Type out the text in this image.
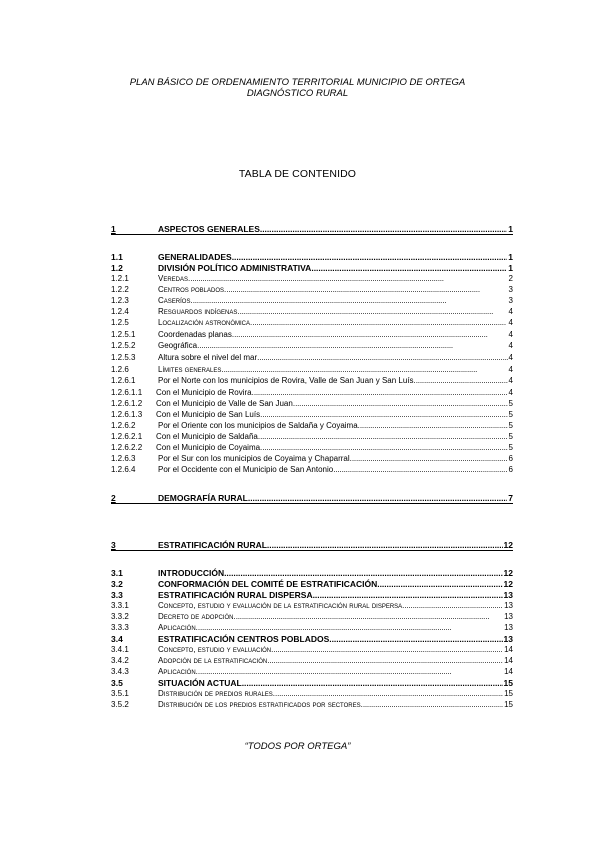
PLAN BÁSICO DE ORDENAMIENTO TERRITORIAL MUNICIPIO DE ORTEGA
DIAGNÓSTICO RURAL
TABLA DE CONTENIDO
1	ASPECTOS GENERALES . . .	1
1.1	GENERALIDADES . . .	1
1.2	DIVISIÓN POLÍTICO ADMINISTRATIVA. . . .	1
1.2.1	Veredas. . . .	2
1.2.2	Centros poblados. . . .	3
1.2.3	Caseríos. . . .	3
1.2.4	Resguardos indígenas. . . .	4
1.2.5	Localización astronómica. . . .	4
1.2.5.1	Coordenadas planas. . . .	4
1.2.5.2	Geográfica. . . .	4
1.2.5.3	Altura sobre el nivel del mar . . .	4
1.2.6	Límites generales. . . .	4
1.2.6.1	Por el Norte con los municipios de Rovira, Valle de San Juan y San Luís. . . .	4
1.2.6.1.1	Con el Municipio de Rovira. . . .	4
1.2.6.1.2	Con el Municipio de Valle de San Juan. . . .	5
1.2.6.1.3	Con el Municipio de San Luís. . . .	5
1.2.6.2	Por el Oriente con los municipios de Saldaña y Coyaima. . . .	5
1.2.6.2.1	Con el Municipio de Saldaña. . . .	5
1.2.6.2.2	Con el Municipio de Coyaima. . . .	5
1.2.6.3	Por el Sur con los municipios de Coyaima y Chaparral. . . .	6
1.2.6.4	Por el Occidente con el Municipio de San Antonio. . . .	6
2	DEMOGRAFÍA RURAL . . .	7
3	ESTRATIFICACIÓN RURAL . . .	12
3.1	INTRODUCCIÓN . . .	12
3.2	CONFORMACIÓN DEL COMITÉ DE ESTRATIFICACIÓN . . .	12
3.3	ESTRATIFICACIÓN RURAL DISPERSA . . .	13
3.3.1	Concepto, estudio y evaluación de la estratificación rural dispersa. . . .	13
3.3.2	Decreto de adopción. . . .	13
3.3.3	Aplicación. . . .	13
3.4	ESTRATIFICACIÓN CENTROS POBLADOS . . .	13
3.4.1	Concepto, estudio y evaluación. . . .	14
3.4.2	Adopción de la estratificación. . . .	14
3.4.3	Aplicación. . . .	14
3.5	SITUACIÓN ACTUAL . . .	15
3.5.1	Distribución de predios rurales. . . .	15
3.5.2	Distribución de los predios estratificados por sectores. . . .	15
“TODOS POR ORTEGA”
